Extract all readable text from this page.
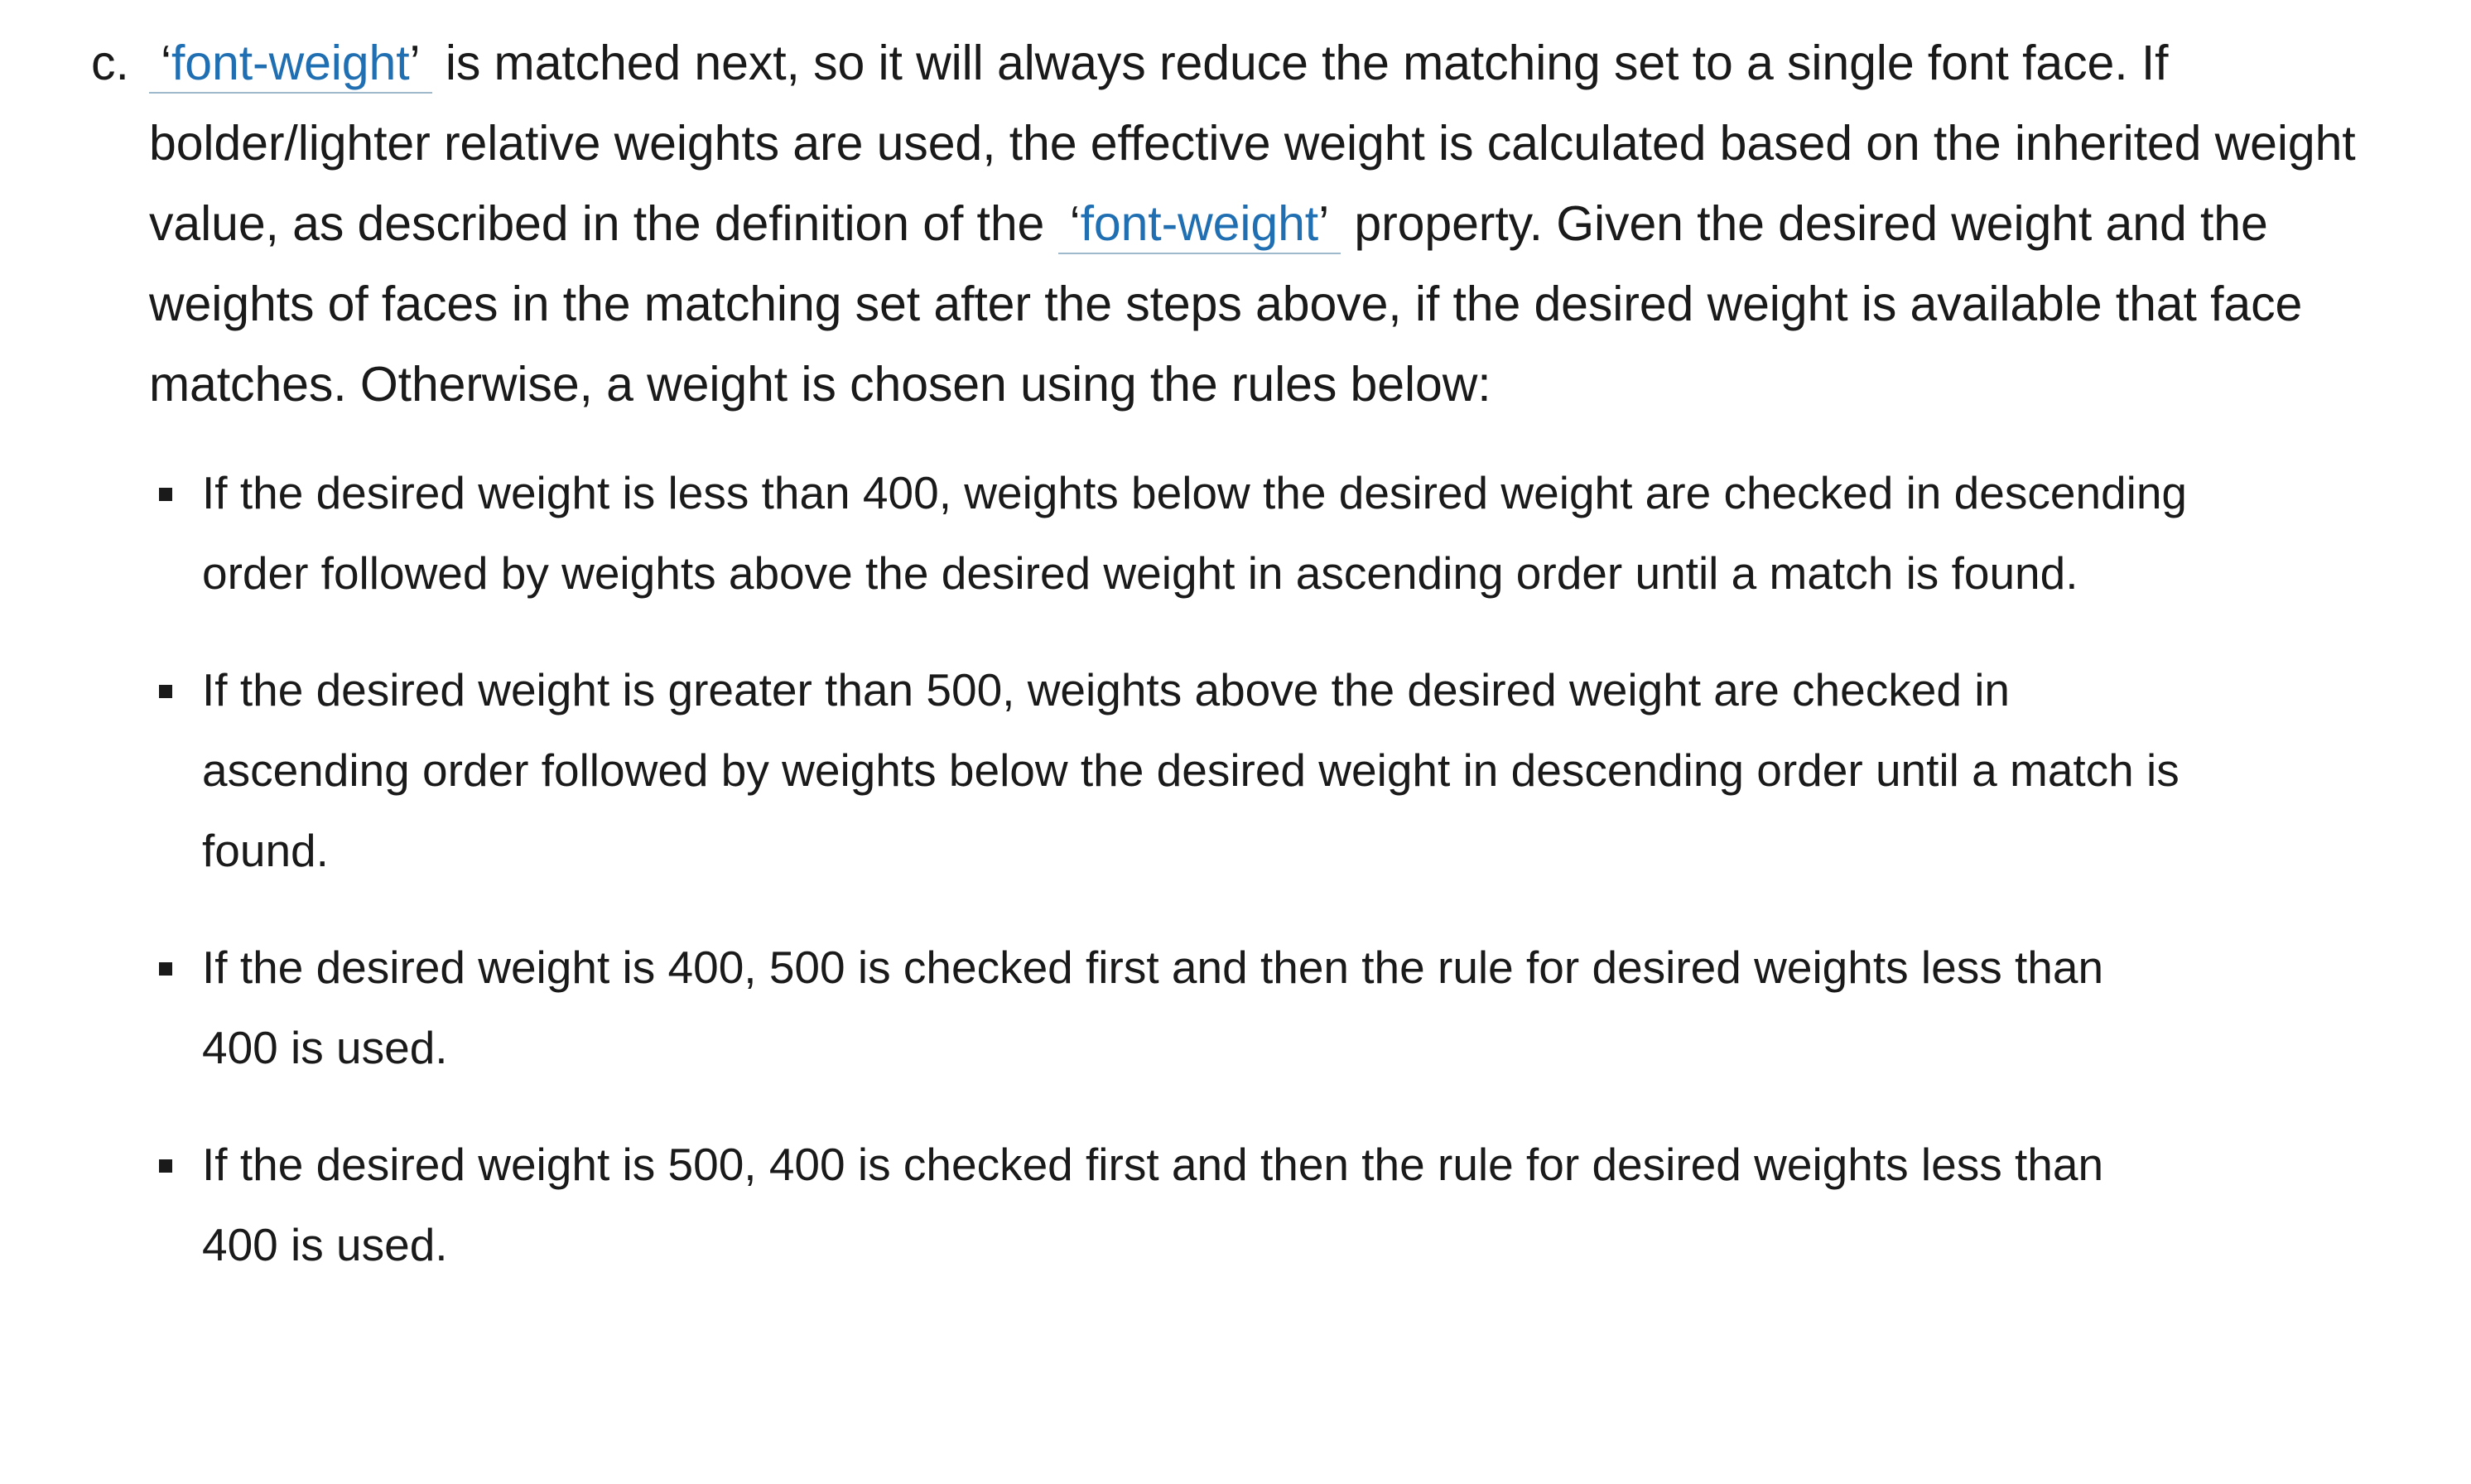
c. ‘font-weight’ is matched next, so it will always reduce the matching set to a single font face. If bolder/lighter relative weights are used, the effective weight is calculated based on the inherited weight value, as described in the definition of the ‘font-weight’ property. Given the desired weight and the weights of faces in the matching set after the steps above, if the desired weight is available that face matches. Otherwise, a weight is chosen using the rules below:
If the desired weight is less than 400, weights below the desired weight are checked in descending order followed by weights above the desired weight in ascending order until a match is found.
If the desired weight is greater than 500, weights above the desired weight are checked in ascending order followed by weights below the desired weight in descending order until a match is found.
If the desired weight is 400, 500 is checked first and then the rule for desired weights less than 400 is used.
If the desired weight is 500, 400 is checked first and then the rule for desired weights less than 400 is used.
